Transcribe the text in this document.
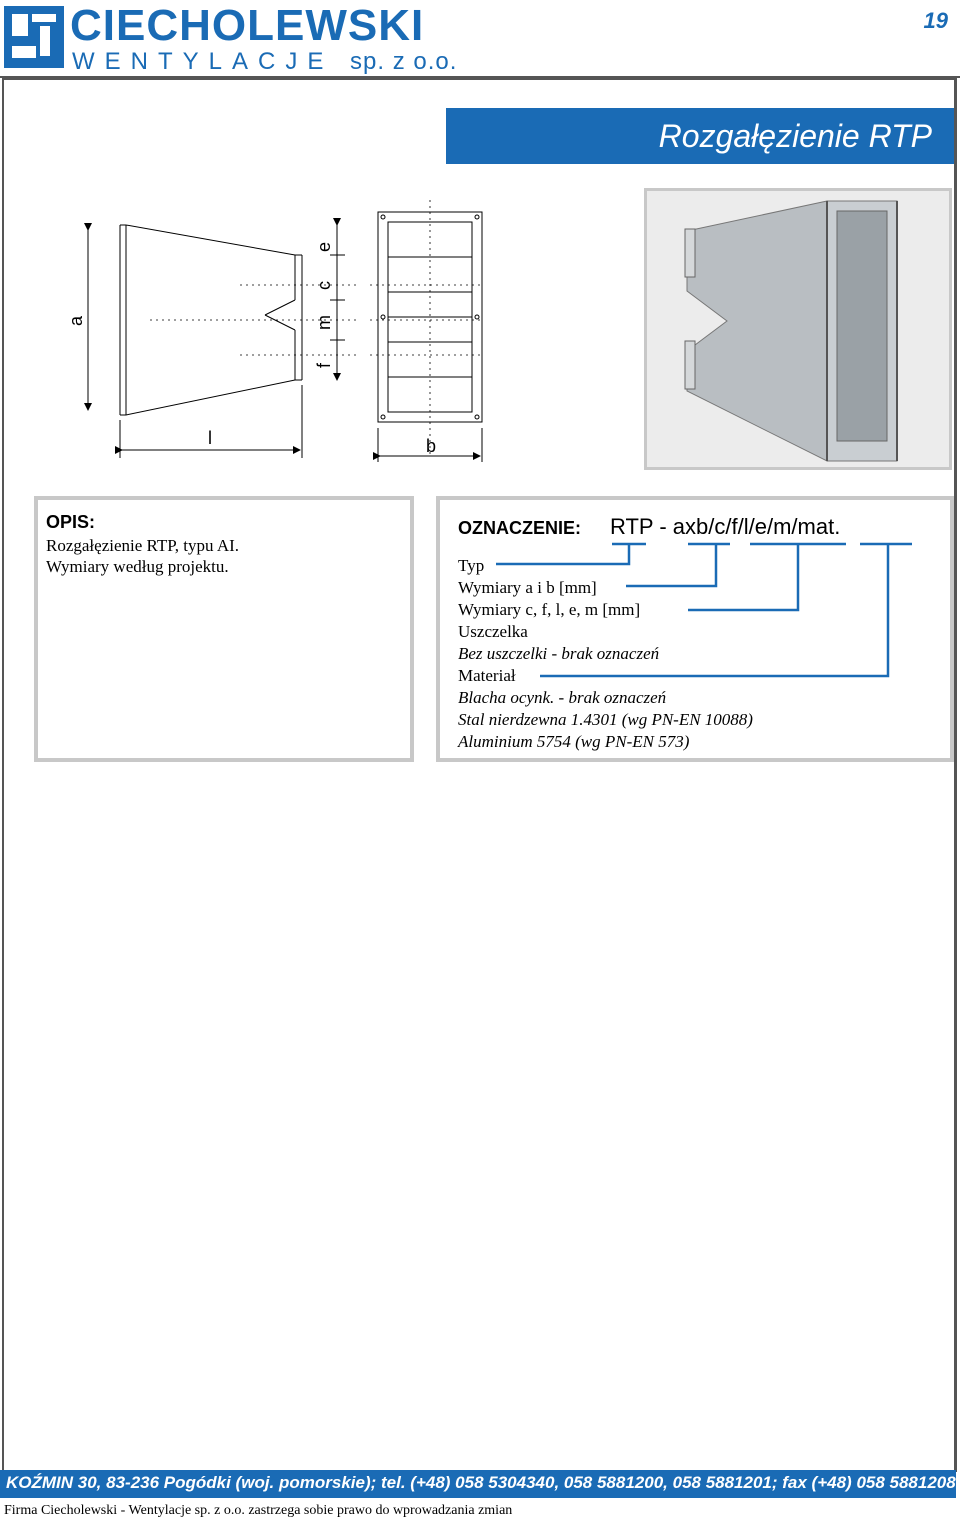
CIECHOLEWSKI
WENTYLACJE sp. z o.o.
19
Rozgałęzienie RTP
a
e
c
m
f
l	b
OPIS:
Rozgałęzienie RTP, typu AI.
Wymiary według projektu.
OZNACZENIE: RTP - axb/c/f/l/e/m/mat.
Typ
Wymiary a i b [mm]
Wymiary c, f, l, e, m [mm]
Uszczelka
Bez uszczelki - brak oznaczeń
Materiał
Blacha ocynk. - brak oznaczeń
Stal nierdzewna 1.4301 (wg PN-EN 10088)
Aluminium 5754 (wg PN-EN 573)
KOŹMIN 30, 83-236 Pogódki (woj. pomorskie); tel. (+48) 058 5304340, 058 5881200, 058 5881201; fax (+48) 058 5881208
Firma Ciecholewski - Wentylacje sp. z o.o. zastrzega sobie prawo do wprowadzania zmian
